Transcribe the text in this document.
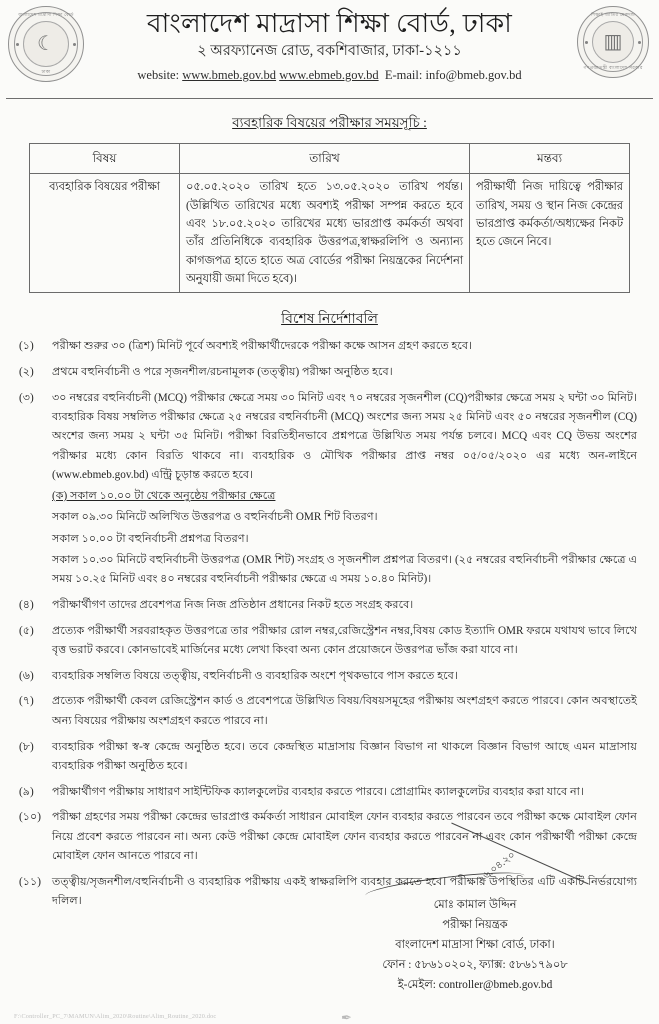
বাংলাদেশ মাদ্রাসা শিক্ষা বোর্ড
ঢাকা
☾
শিক্ষাই জাতির মেরুদন্ড
গণপ্রজাতন্ত্রী বাংলাদেশ সরকার
▥
বাংলাদেশ মাদ্রাসা শিক্ষা বোর্ড, ঢাকা
২ অরফ্যানেজ রোড, বকশিবাজার, ঢাকা-১২১১
website: www.bmeb.gov.bd www.ebmeb.gov.bd E-mail: info@bmeb.gov.bd
ব্যবহারিক বিষয়ের পরীক্ষার সময়সূচি :
বিষয়	তারিখ	মন্তব্য
ব্যবহারিক বিষয়ের পরীক্ষা	০৫.০৫.২০২০ তারিখ হতে ১৩.০৫.২০২০ তারিখ পর্যন্ত। (উল্লিখিত তারিখের মধ্যে অবশ্যই পরীক্ষা সম্পন্ন করতে হবে এবং ১৮.০৫.২০২০ তারিখের মধ্যে ভারপ্রাপ্ত কর্মকর্তা অথবা তাঁর প্রতিনিধিকে ব্যবহারিক উত্তরপত্র,স্বাক্ষরলিপি ও অন্যান্য কাগজপত্র হাতে হাতে অত্র বোর্ডের পরীক্ষা নিয়ন্ত্রকের নির্দেশনা অনুযায়ী জমা দিতে হবে)।	পরীক্ষার্থী নিজ দায়িত্বে পরীক্ষার তারিখ, সময় ও স্থান নিজ কেন্দ্রের ভারপ্রাপ্ত কর্মকর্তা/অধ্যক্ষের নিকট হতে জেনে নিবে।
বিশেষ নির্দেশাবলি
(১)	পরীক্ষা শুরুর ৩০ (ত্রিশ) মিনিট পূর্বে অবশ্যই পরীক্ষার্থীদেরকে পরীক্ষা কক্ষে আসন গ্রহণ করতে হবে।
(২)	প্রথমে বহুনির্বাচনী ও পরে সৃজনশীল/রচনামূলক (তত্ত্বীয়) পরীক্ষা অনুষ্ঠিত হবে।
(৩)	৩০ নম্বরের বহুনির্বাচনী (MCQ) পরীক্ষার ক্ষেত্রে সময় ৩০ মিনিট এবং ৭০ নম্বরের সৃজনশীল (CQ)পরীক্ষার ক্ষেত্রে সময় ২ ঘন্টা ৩০ মিনিট। ব্যবহারিক বিষয় সম্বলিত পরীক্ষার ক্ষেত্রে ২৫ নম্বরের বহুনির্বাচনী (MCQ) অংশের জন্য সময় ২৫ মিনিট এবং ৫০ নম্বরের সৃজনশীল (CQ) অংশের জন্য সময় ২ ঘন্টা ৩৫ মিনিট। পরীক্ষা বিরতিহীনভাবে প্রশ্নপত্রে উল্লিখিত সময় পর্যন্ত চলবে। MCQ এবং CQ উভয় অংশের পরীক্ষার মধ্যে কোন বিরতি থাকবে না। ব্যবহারিক ও মৌখিক পরীক্ষার প্রাপ্ত নম্বর ০৫/০৫/২০২০ এর মধ্যে অন-লাইনে (www.ebmeb.gov.bd) এন্ট্রি চূড়ান্ত করতে হবে।
(ক) সকাল ১০.০০ টা থেকে অনুষ্ঠেয় পরীক্ষার ক্ষেত্রে
সকাল ০৯.৩০ মিনিটে অলিখিত উত্তরপত্র ও বহুনির্বাচনী OMR শিট বিতরণ।
সকাল ১০.০০ টা বহুনির্বাচনী প্রশ্নপত্র বিতরণ।
সকাল ১০.৩০ মিনিটে বহুনির্বাচনী উত্তরপত্র (OMR শিট) সংগ্রহ ও সৃজনশীল প্রশ্নপত্র বিতরণ। (২৫ নম্বরের বহুনির্বাচনী পরীক্ষার ক্ষেত্রে এ সময় ১০.২৫ মিনিট এবং ৪০ নম্বরের বহুনির্বাচনী পরীক্ষার ক্ষেত্রে এ সময় ১০.৪০ মিনিট)।
(৪)	পরীক্ষার্থীগণ তাদের প্রবেশপত্র নিজ নিজ প্রতিষ্ঠান প্রধানের নিকট হতে সংগ্রহ করবে।
(৫)	প্রত্যেক পরীক্ষার্থী সরবরাহকৃত উত্তরপত্রে তার পরীক্ষার রোল নম্বর,রেজিস্ট্রেশন নম্বর,বিষয় কোড ইত্যাদি OMR ফরমে যথাযথ ভাবে লিখে বৃত্ত ভরাট করবে। কোনভাবেই মার্জিনের মধ্যে লেখা কিংবা অন্য কোন প্রয়োজনে উত্তরপত্র ভাঁজ করা যাবে না।
(৬)	ব্যবহারিক সম্বলিত বিষয়ে তত্ত্বীয়, বহুনির্বাচনী ও ব্যবহারিক অংশে পৃথকভাবে পাস করতে হবে।
(৭)	প্রত্যেক পরীক্ষার্থী কেবল রেজিস্ট্রেশন কার্ড ও প্রবেশপত্রে উল্লিখিত বিষয়/বিষয়সমূহের পরীক্ষায় অংশগ্রহণ করতে পারবে। কোন অবস্থাতেই অন্য বিষয়ের পরীক্ষায় অংশগ্রহণ করতে পারবে না।
(৮)	ব্যবহারিক পরীক্ষা স্ব-স্ব কেন্দ্রে অনুষ্ঠিত হবে। তবে কেন্দ্রস্থিত মাদ্রাসায় বিজ্ঞান বিভাগ না থাকলে বিজ্ঞান বিভাগ আছে এমন মাদ্রাসায় ব্যবহারিক পরীক্ষা অনুষ্ঠিত হবে।
(৯)	পরীক্ষার্থীগণ পরীক্ষায় সাধারণ সাইন্টিফিক ক্যালকুলেটর ব্যবহার করতে পারবে। প্রোগ্রামিং ক্যালকুলেটর ব্যবহার করা যাবে না।
(১০) পরীক্ষা গ্রহণের সময় পরীক্ষা কেন্দ্রের ভারপ্রাপ্ত কর্মকর্তা সাধারন মোবাইল ফোন ব্যবহার করতে পারবেন তবে পরীক্ষা কক্ষে মোবাইল ফোন নিয়ে প্রবেশ করতে পারবেন না। অন্য কেউ পরীক্ষা কেন্দ্রে মোবাইল ফোন ব্যবহার করতে পারবেন না এবং কোন পরীক্ষার্থী পরীক্ষা কেন্দ্রে মোবাইল ফোন আনতে পারবে না।
(১১) তত্ত্বীয়/সৃজনশীল/বহুনির্বাচনী ও ব্যবহারিক পরীক্ষায় একই স্বাক্ষরলিপি ব্যবহার করতে হবে। পরীক্ষায় উপস্থিতির এটি একটি নির্ভরযোগ্য দলিল।
২৬.০৪.২০
মোঃ কামাল উদ্দিন
পরীক্ষা নিয়ন্ত্রক
বাংলাদেশ মাদ্রাসা শিক্ষা বোর্ড, ঢাকা।
ফোন : ৫৮৬১০২০২, ফ্যাক্স: ৫৮৬১৭৯০৮
ই-মেইল: controller@bmeb.gov.bd
✒
F:\Controller_PC_7\MAMUN\Alim_2020\Routine\Alim_Routine_2020.doc
